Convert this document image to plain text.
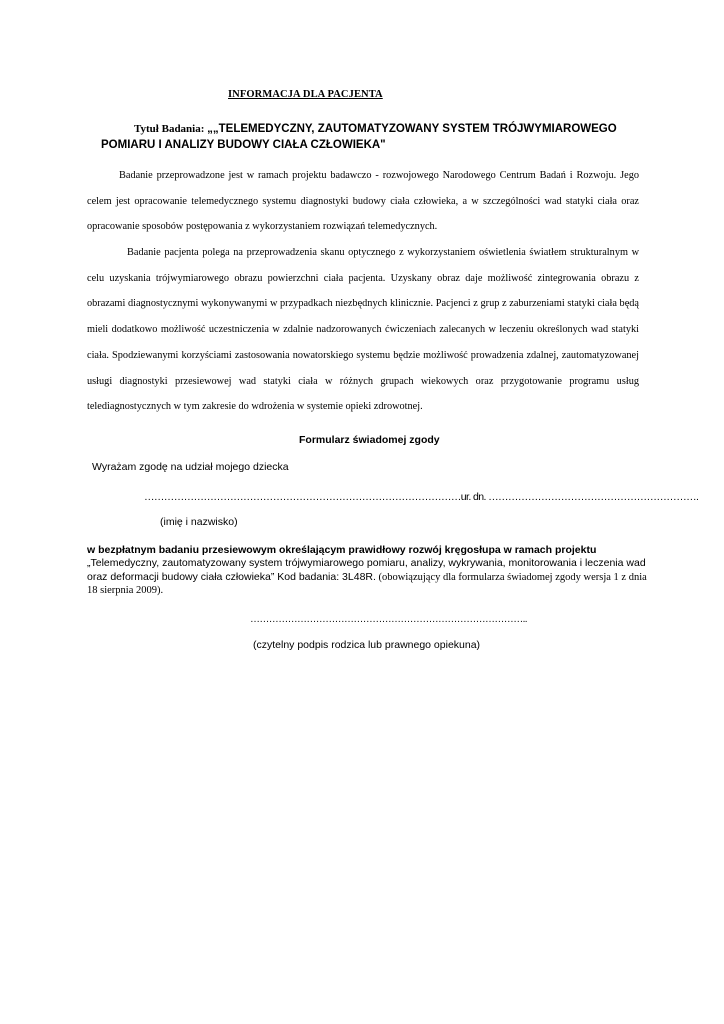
INFORMACJA DLA PACJENTA
Tytuł Badania: „„TELEMEDYCZNY, ZAUTOMATYZOWANY SYSTEM TRÓJWYMIAROWEGO
POMIARU I ANALIZY BUDOWY CIAŁA CZŁOWIEKA"
Badanie przeprowadzone jest w ramach projektu badawczo - rozwojowego Narodowego Centrum Badań i Rozwoju. Jego celem jest opracowanie telemedycznego systemu diagnostyki budowy ciała człowieka, a w szczególności wad statyki ciała oraz opracowanie sposobów postępowania z wykorzystaniem rozwiązań telemedycznych.
Badanie pacjenta polega na przeprowadzenia skanu optycznego z wykorzystaniem oświetlenia światłem strukturalnym w celu uzyskania trójwymiarowego obrazu powierzchni ciała pacjenta. Uzyskany obraz daje możliwość zintegrowania obrazu z obrazami diagnostycznymi wykonywanymi w przypadkach niezbędnych klinicznie. Pacjenci z grup z zaburzeniami statyki ciała będą mieli dodatkowo możliwość uczestniczenia w zdalnie nadzorowanych ćwiczeniach zalecanych w leczeniu określonych wad statyki ciała. Spodziewanymi korzyściami zastosowania nowatorskiego systemu będzie możliwość prowadzenia zdalnej, zautomatyzowanej usługi diagnostyki przesiewowej wad statyki ciała w różnych grupach wiekowych oraz przygotowanie programu usług telediagnostycznych w tym zakresie do wdrożenia w systemie opieki zdrowotnej.
Formularz świadomej zgody
Wyrażam zgodę na udział mojego dziecka
……………………………………………………………………………………ur. dn. ……………………………………………………….
(imię i nazwisko)
w bezpłatnym badaniu przesiewowym określającym prawidłowy rozwój kręgosłupa w ramach projektu „Telemedyczny, zautomatyzowany system trójwymiarowego pomiaru, analizy, wykrywania, monitorowania i leczenia wad oraz deformacji budowy ciała człowieka” Kod badania: 3L48R. (obowiązujący dla formularza świadomej zgody wersja 1 z dnia 18 sierpnia 2009).
……………………………………………………………………………..
(czytelny podpis rodzica lub prawnego opiekuna)
